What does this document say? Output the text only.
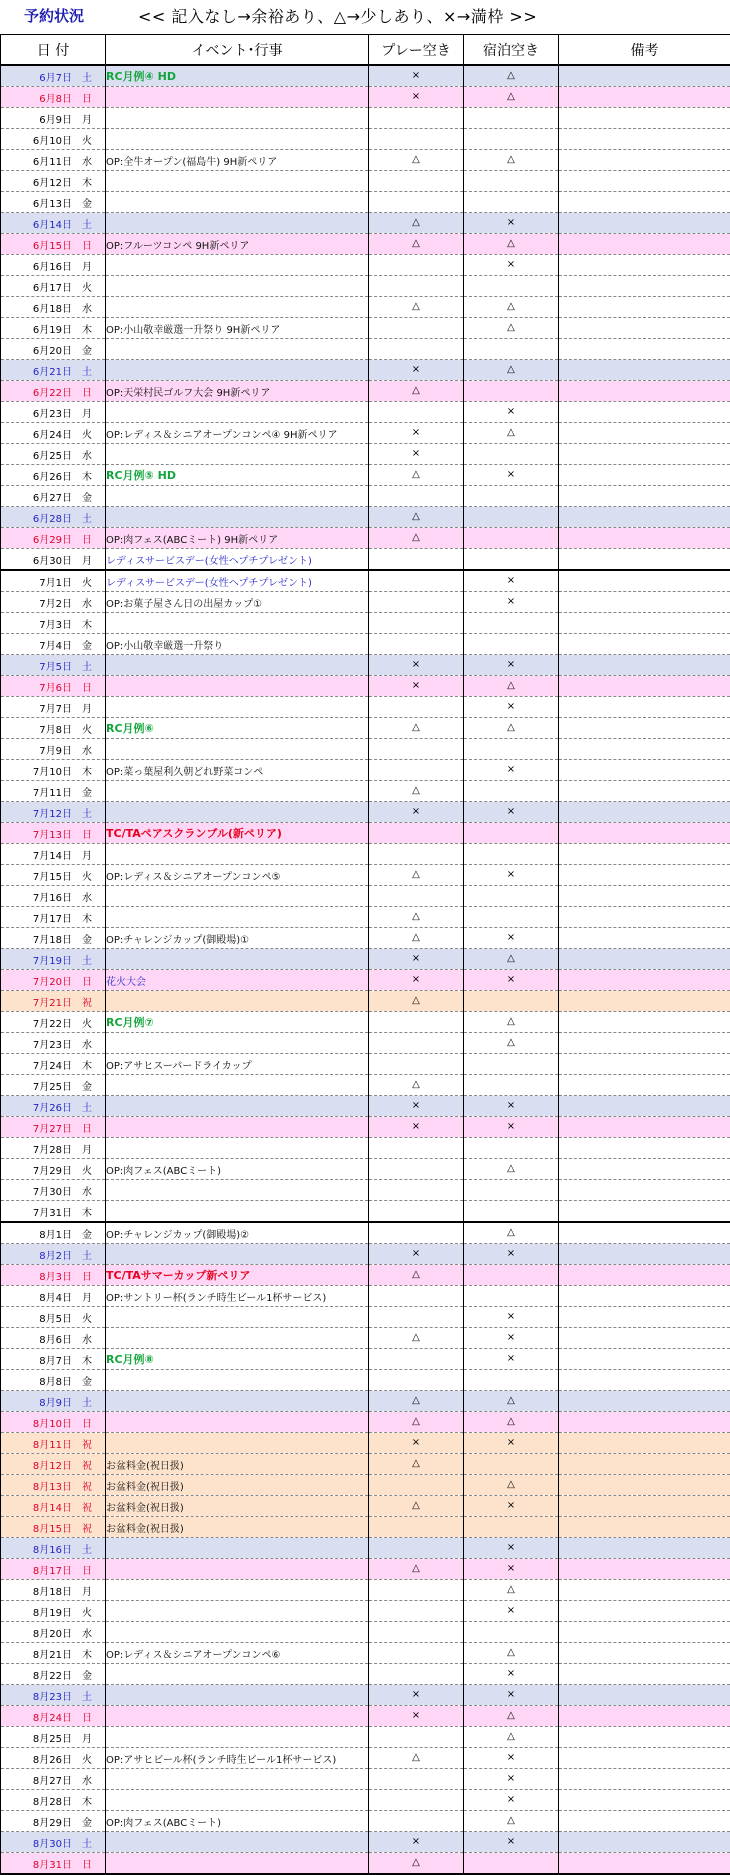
予約状況	<< 記入なし→余裕あり、△→少しあり、×→満枠 >>
日 付	イベント･行事	プレー空き	宿泊空き	備考
6月7日 土	RC月例④ HD	×	△	
6月8日 日		×	△	
6月9日 月				
6月10日 火				
6月11日 水	OP:全牛オープン(福島牛) 9H新ペリア	△	△	
6月12日 木				
6月13日 金				
6月14日 土		△	×	
6月15日 日	OP:フルーツコンペ 9H新ペリア	△	△	
6月16日 月			×	
6月17日 火				
6月18日 水		△	△	
6月19日 木	OP:小山敬幸厳選一升祭り 9H新ペリア		△	
6月20日 金				
6月21日 土		×	△	
6月22日 日	OP:天栄村民ゴルフ大会 9H新ペリア	△		
6月23日 月			×	
6月24日 火	OP:レディス＆シニアオープンコンペ④ 9H新ペリア	×	△	
6月25日 水		×		
6月26日 木	RC月例⑤ HD	△	×	
6月27日 金				
6月28日 土		△		
6月29日 日	OP:肉フェス(ABCミート) 9H新ペリア	△		
6月30日 月	レディスサービスデー(女性ヘプチプレゼント)			
7月1日 火	レディスサービスデー(女性ヘプチプレゼント)		×	
7月2日 水	OP:お菓子屋さん日の出屋カップ①		×	
7月3日 木				
7月4日 金	OP:小山敬幸厳選一升祭り			
7月5日 土		×	×	
7月6日 日		×	△	
7月7日 月			×	
7月8日 火	RC月例⑥	△	△	
7月9日 水				
7月10日 木	OP:菜っ葉屋利久朝どれ野菜コンペ		×	
7月11日 金		△		
7月12日 土		×	×	
7月13日 日	TC/TAペアスクランブル(新ペリア)			
7月14日 月				
7月15日 火	OP:レディス＆シニアオープンコンペ⑤	△	×	
7月16日 水				
7月17日 木		△		
7月18日 金	OP:チャレンジカップ(御殿場)①	△	×	
7月19日 土		×	△	
7月20日 日	花火大会	×	×	
7月21日 祝		△		
7月22日 火	RC月例⑦		△	
7月23日 水			△	
7月24日 木	OP:アサヒスーパードライカップ			
7月25日 金		△		
7月26日 土		×	×	
7月27日 日		×	×	
7月28日 月				
7月29日 火	OP:肉フェス(ABCミート)		△	
7月30日 水				
7月31日 木				
8月1日 金	OP:チャレンジカップ(御殿場)②		△	
8月2日 土		×	×	
8月3日 日	TC/TAサマーカップ新ペリア	△		
8月4日 月	OP:サントリー杯(ランチ時生ビール1杯サービス)			
8月5日 火			×	
8月6日 水		△	×	
8月7日 木	RC月例⑧		×	
8月8日 金				
8月9日 土		△	△	
8月10日 日		△	△	
8月11日 祝		×	×	
8月12日 祝	お盆料金(祝日扱)	△		
8月13日 祝	お盆料金(祝日扱)		△	
8月14日 祝	お盆料金(祝日扱)	△	×	
8月15日 祝	お盆料金(祝日扱)			
8月16日 土			×	
8月17日 日		△	×	
8月18日 月			△	
8月19日 火			×	
8月20日 水				
8月21日 木	OP:レディス＆シニアオープンコンペ⑥		△	
8月22日 金			×	
8月23日 土		×	×	
8月24日 日		×	△	
8月25日 月			△	
8月26日 火	OP:アサヒビール杯(ランチ時生ビール1杯サービス)	△	×	
8月27日 水			×	
8月28日 木			×	
8月29日 金	OP:肉フェス(ABCミート)		△	
8月30日 土		×	×	
8月31日 日		△		
